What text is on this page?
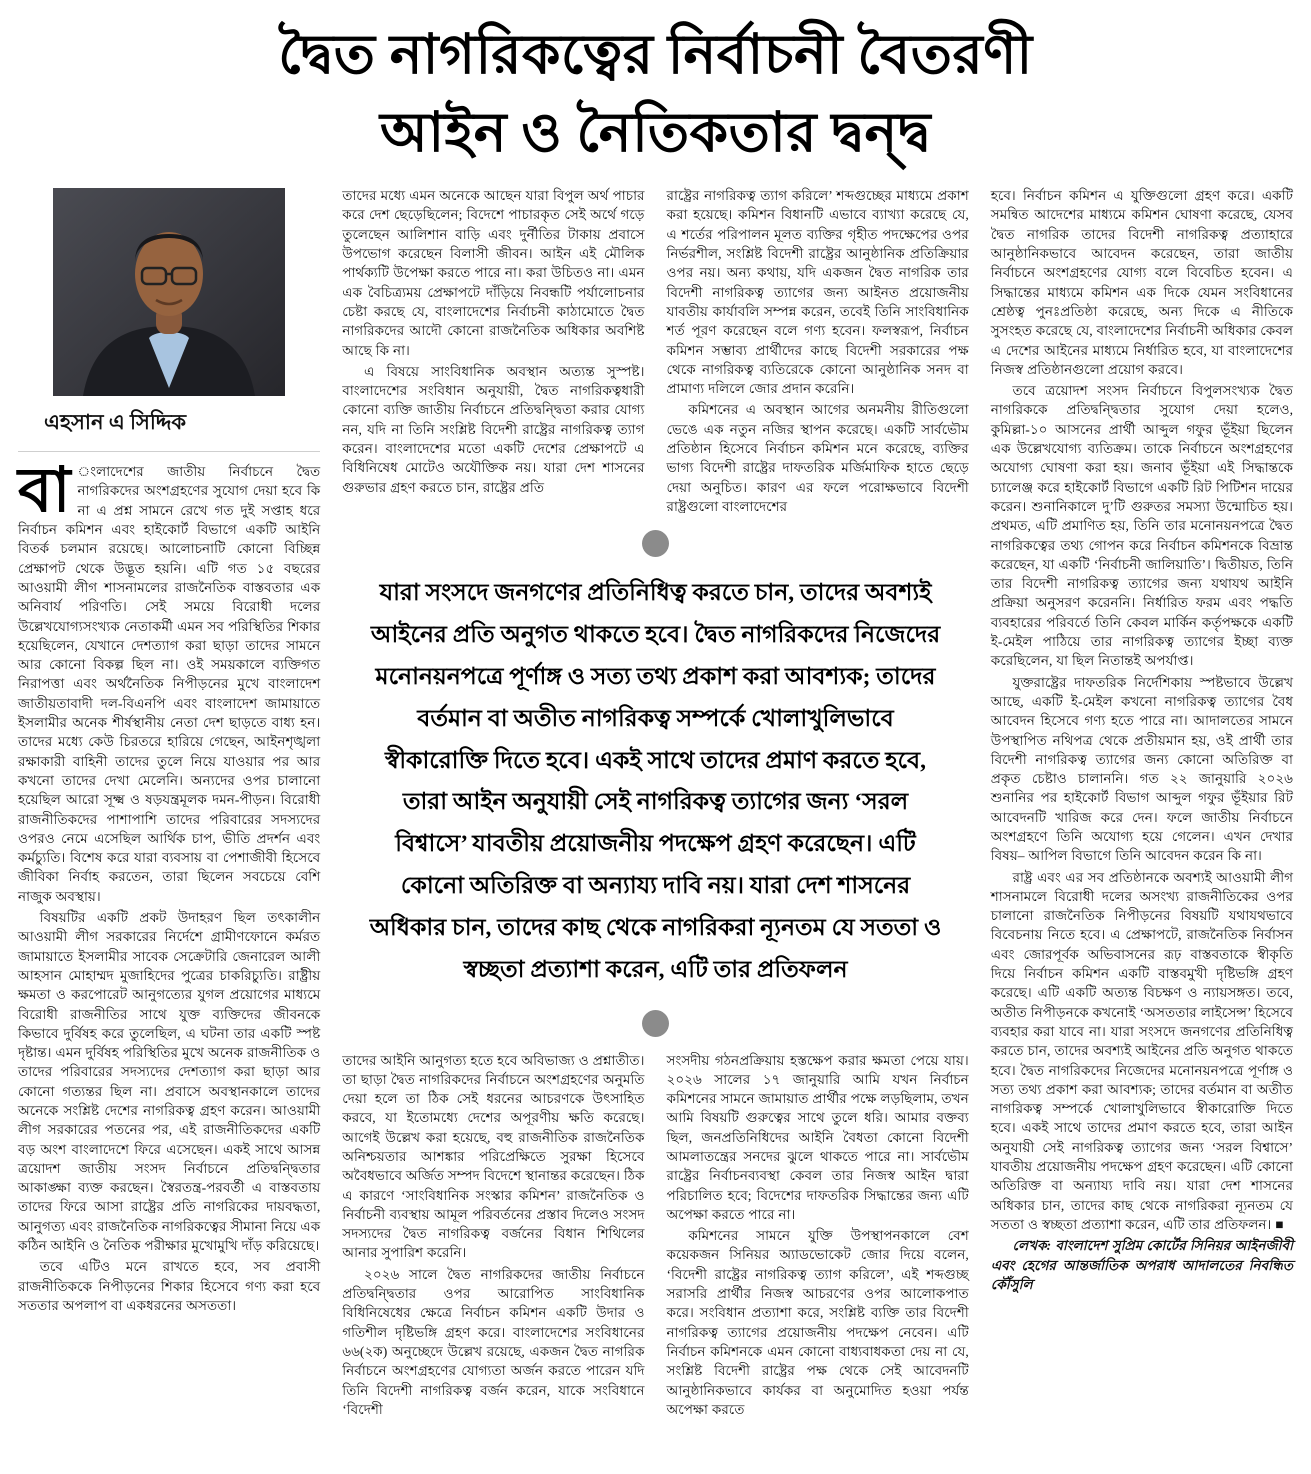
দ্বৈত নাগরিকত্বের নির্বাচনী বৈতরণী
আইন ও নৈতিকতার দ্বন্দ্ব
এহসান এ সিদ্দিক

বা ংলাদেশের জাতীয় নির্বাচনে দ্বৈত নাগরিকদের অংশগ্রহণের সুযোগ দেয়া হবে কি না এ প্রশ্ন সামনে রেখে গত দুই সপ্তাহ ধরে নির্বাচন কমিশন এবং হাইকোর্ট বিভাগে একটি আইনি বিতর্ক চলমান রয়েছে। আলোচনাটি কোনো বিচ্ছিন্ন প্রেক্ষাপট থেকে উদ্ভূত হয়নি। এটি গত ১৫ বছরের আওয়ামী লীগ শাসনামলের রাজনৈতিক বাস্তবতার এক অনিবার্য পরিণতি। সেই সময়ে বিরোধী দলের উল্লেখযোগ্যসংখ্যক নেতাকর্মী এমন সব পরিস্থিতির শিকার হয়েছিলেন, যেখানে দেশত্যাগ করা ছাড়া তাদের সামনে আর কোনো বিকল্প ছিল না। ওই সময়কালে ব্যক্তিগত নিরাপত্তা এবং অর্থনৈতিক নিপীড়নের মুখে বাংলাদেশ জাতীয়তাবাদী দল-বিএনপি এবং বাংলাদেশ জামায়াতে ইসলামীর অনেক শীর্ষস্থানীয় নেতা দেশ ছাড়তে বাধ্য হন। তাদের মধ্যে কেউ চিরতরে হারিয়ে গেছেন, আইনশৃঙ্খলা রক্ষাকারী বাহিনী তাদের তুলে নিয়ে যাওয়ার পর আর কখনো তাদের দেখা মেলেনি। অন্যদের ওপর চালানো হয়েছিল আরো সূক্ষ্ম ও ষড়যন্ত্রমূলক দমন-পীড়ন। বিরোধী রাজনীতিকদের পাশাপাশি তাদের পরিবারের সদস্যদের ওপরও নেমে এসেছিল আর্থিক চাপ, ভীতি প্রদর্শন এবং কর্মচ্যুতি। বিশেষ করে যারা ব্যবসায় বা পেশাজীবী হিসেবে জীবিকা নির্বাহ করতেন, তারা ছিলেন সবচেয়ে বেশি নাজুক অবস্থায়।

বিষয়টির একটি প্রকট উদাহরণ ছিল তৎকালীন আওয়ামী লীগ সরকারের নির্দেশে গ্রামীণফোনে কর্মরত জামায়াতে ইসলামীর সাবেক সেক্রেটারি জেনারেল আলী আহসান মোহাম্মদ মুজাহিদের পুত্রের চাকরিচ্যুতি। রাষ্ট্রীয় ক্ষমতা ও করপোরেট আনুগত্যের যুগল প্রয়োগের মাধ্যমে বিরোধী রাজনীতির সাথে যুক্ত ব্যক্তিদের জীবনকে কিভাবে দুর্বিষহ করে তুলেছিল, এ ঘটনা তার একটি স্পষ্ট দৃষ্টান্ত। এমন দুর্বিষহ পরিস্থিতির মুখে অনেক রাজনীতিক ও তাদের পরিবারের সদস্যদের দেশত্যাগ করা ছাড়া আর কোনো গত্যন্তর ছিল না। প্রবাসে অবস্থানকালে তাদের অনেকে সংশ্লিষ্ট দেশের নাগরিকত্ব গ্রহণ করেন। আওয়ামী লীগ সরকারের পতনের পর, এই রাজনীতিকদের একটি বড় অংশ বাংলাদেশে ফিরে এসেছেন। একই সাথে আসন্ন ত্রয়োদশ জাতীয় সংসদ নির্বাচনে প্রতিদ্বন্দ্বিতার আকাঙ্ক্ষা ব্যক্ত করছেন। স্বৈরতন্ত্র-পরবর্তী এ বাস্তবতায় তাদের ফিরে আসা রাষ্ট্রের প্রতি নাগরিকের দায়বদ্ধতা, আনুগত্য এবং রাজনৈতিক নাগরিকত্বের সীমানা নিয়ে এক কঠিন আইনি ও নৈতিক পরীক্ষার মুখোমুখি দাঁড় করিয়েছে।

তবে এটিও মনে রাখতে হবে, সব প্রবাসী রাজনীতিককে নিপীড়নের শিকার হিসেবে গণ্য করা হবে সততার অপলাপ বা একধরনের অসততা।

তাদের মধ্যে এমন অনেকে আছেন যারা বিপুল অর্থ পাচার করে দেশ ছেড়েছিলেন; বিদেশে পাচারকৃত সেই অর্থে গড়ে তুলেছেন আলিশান বাড়ি এবং দুর্নীতির টাকায় প্রবাসে উপভোগ করেছেন বিলাসী জীবন। আইন এই মৌলিক পার্থক্যটি উপেক্ষা করতে পারে না। করা উচিতও না। এমন এক বৈচিত্র্যময় প্রেক্ষাপটে দাঁড়িয়ে নিবন্ধটি পর্যালোচনার চেষ্টা করছে যে, বাংলাদেশের নির্বাচনী কাঠামোতে দ্বৈত নাগরিকদের আদৌ কোনো রাজনৈতিক অধিকার অবশিষ্ট আছে কি না।

এ বিষয়ে সাংবিধানিক অবস্থান অত্যন্ত সুস্পষ্ট। বাংলাদেশের সংবিধান অনুযায়ী, দ্বৈত নাগরিকত্বধারী কোনো ব্যক্তি জাতীয় নির্বাচনে প্রতিদ্বন্দ্বিতা করার যোগ্য নন, যদি না তিনি সংশ্লিষ্ট বিদেশী রাষ্ট্রের নাগরিকত্ব ত্যাগ করেন। বাংলাদেশের মতো একটি দেশের প্রেক্ষাপটে এ বিধিনিষেধ মোটেও অযৌক্তিক নয়। যারা দেশ শাসনের গুরুভার গ্রহণ করতে চান, রাষ্ট্রের প্রতি

রাষ্ট্রের নাগরিকত্ব ত্যাগ করিলে’ শব্দগুচ্ছের মাধ্যমে প্রকাশ করা হয়েছে। কমিশন বিধানটি এভাবে ব্যাখ্যা করেছে যে, এ শর্তের পরিপালন মূলত ব্যক্তির গৃহীত পদক্ষেপের ওপর নির্ভরশীল, সংশ্লিষ্ট বিদেশী রাষ্ট্রের আনুষ্ঠানিক প্রতিক্রিয়ার ওপর নয়। অন্য কথায়, যদি একজন দ্বৈত নাগরিক তার বিদেশী নাগরিকত্ব ত্যাগের জন্য আইনত প্রয়োজনীয় যাবতীয় কার্যাবলি সম্পন্ন করেন, তবেই তিনি সাংবিধানিক শর্ত পূরণ করেছেন বলে গণ্য হবেন। ফলস্বরূপ, নির্বাচন কমিশন সম্ভাব্য প্রার্থীদের কাছে বিদেশী সরকারের পক্ষ থেকে নাগরিকত্ব ব্যতিরেকে কোনো আনুষ্ঠানিক সনদ বা প্রামাণ্য দলিলে জোর প্রদান করেনি।

কমিশনের এ অবস্থান আগের অনমনীয় রীতিগুলো ভেঙে এক নতুন নজির স্থাপন করেছে। একটি সার্বভৌম প্রতিষ্ঠান হিসেবে নির্বাচন কমিশন মনে করেছে, ব্যক্তির ভাগ্য বিদেশী রাষ্ট্রের দাফতরিক মর্জিমাফিক হাতে ছেড়ে দেয়া অনুচিত। কারণ এর ফলে পরোক্ষভাবে বিদেশী রাষ্ট্রগুলো বাংলাদেশের

যারা সংসদে জনগণের প্রতিনিধিত্ব করতে চান, তাদের অবশ্যই আইনের প্রতি অনুগত থাকতে হবে। দ্বৈত নাগরিকদের নিজেদের মনোনয়নপত্রে পূর্ণাঙ্গ ও সত্য তথ্য প্রকাশ করা আবশ্যক; তাদের বর্তমান বা অতীত নাগরিকত্ব সম্পর্কে খোলাখুলিভাবে স্বীকারোক্তি দিতে হবে। একই সাথে তাদের প্রমাণ করতে হবে, তারা আইন অনুযায়ী সেই নাগরিকত্ব ত্যাগের জন্য ‘সরল বিশ্বাসে’ যাবতীয় প্রয়োজনীয় পদক্ষেপ গ্রহণ করেছেন। এটি কোনো অতিরিক্ত বা অন্যায্য দাবি নয়। যারা দেশ শাসনের অধিকার চান, তাদের কাছ থেকে নাগরিকরা ন্যূনতম যে সততা ও স্বচ্ছতা প্রত্যাশা করেন, এটি তার প্রতিফলন

তাদের আইনি আনুগত্য হতে হবে অবিভাজ্য ও প্রশ্নাতীত। তা ছাড়া দ্বৈত নাগরিকদের নির্বাচনে অংশগ্রহণের অনুমতি দেয়া হলে তা ঠিক সেই ধরনের আচরণকে উৎসাহিত করবে, যা ইতোমধ্যে দেশের অপূরণীয় ক্ষতি করেছে। আগেই উল্লেখ করা হয়েছে, বহু রাজনীতিক রাজনৈতিক অনিশ্চয়তার আশঙ্কার পরিপ্রেক্ষিতে সুরক্ষা হিসেবে অবৈধভাবে অর্জিত সম্পদ বিদেশে স্থানান্তর করেছেন। ঠিক এ কারণে ‘সাংবিধানিক সংস্কার কমিশন’ রাজনৈতিক ও নির্বাচনী ব্যবস্থায় আমূল পরিবর্তনের প্রস্তাব দিলেও সংসদ সদস্যদের দ্বৈত নাগরিকত্ব বর্জনের বিধান শিথিলের আনার সুপারিশ করেনি।

২০২৬ সালে দ্বৈত নাগরিকদের জাতীয় নির্বাচনে প্রতিদ্বন্দ্বিতার ওপর আরোপিত সাংবিধানিক বিধিনিষেধের ক্ষেত্রে নির্বাচন কমিশন একটি উদার ও গতিশীল দৃষ্টিভঙ্গি গ্রহণ করে। বাংলাদেশের সংবিধানের ৬৬(২ক) অনুচ্ছেদে উল্লেখ রয়েছে, একজন দ্বৈত নাগরিক নির্বাচনে অংশগ্রহণের যোগ্যতা অর্জন করতে পারেন যদি তিনি বিদেশী নাগরিকত্ব বর্জন করেন, যাকে সংবিধানে ‘বিদেশী

সংসদীয় গঠনপ্রক্রিয়ায় হস্তক্ষেপ করার ক্ষমতা পেয়ে যায়। ২০২৬ সালের ১৭ জানুয়ারি আমি যখন নির্বাচন কমিশনের সামনে জামায়াত প্রার্থীর পক্ষে লড়ছিলাম, তখন আমি বিষয়টি গুরুত্বের সাথে তুলে ধরি। আমার বক্তব্য ছিল, জনপ্রতিনিধিদের আইনি বৈধতা কোনো বিদেশী আমলাতন্ত্রের সনদের ঝুলে থাকতে পারে না। সার্বভৌম রাষ্ট্রের নির্বাচনব্যবস্থা কেবল তার নিজস্ব আইন দ্বারা পরিচালিত হবে; বিদেশের দাফতরিক সিদ্ধান্তের জন্য এটি অপেক্ষা করতে পারে না।

কমিশনের সামনে যুক্তি উপস্থাপনকালে বেশ কয়েকজন সিনিয়র অ্যাডভোকেট জোর দিয়ে বলেন, ‘বিদেশী রাষ্ট্রের নাগরিকত্ব ত্যাগ করিলে’, এই শব্দগুচ্ছ সরাসরি প্রার্থীর নিজস্ব আচরণের ওপর আলোকপাত করে। সংবিধান প্রত্যাশা করে, সংশ্লিষ্ট ব্যক্তি তার বিদেশী নাগরিকত্ব ত্যাগের প্রয়োজনীয় পদক্ষেপ নেবেন। এটি নির্বাচন কমিশনকে এমন কোনো বাধ্যবাধকতা দেয় না যে, সংশ্লিষ্ট বিদেশী রাষ্ট্রের পক্ষ থেকে সেই আবেদনটি আনুষ্ঠানিকভাবে কার্যকর বা অনুমোদিত হওয়া পর্যন্ত অপেক্ষা করতে

হবে। নির্বাচন কমিশন এ যুক্তিগুলো গ্রহণ করে। একটি সমন্বিত আদেশের মাধ্যমে কমিশন ঘোষণা করেছে, যেসব দ্বৈত নাগরিক তাদের বিদেশী নাগরিকত্ব প্রত্যাহারে আনুষ্ঠানিকভাবে আবেদন করেছেন, তারা জাতীয় নির্বাচনে অংশগ্রহণের যোগ্য বলে বিবেচিত হবেন। এ সিদ্ধান্তের মাধ্যমে কমিশন এক দিকে যেমন সংবিধানের শ্রেষ্ঠত্ব পুনঃপ্রতিষ্ঠা করেছে, অন্য দিকে এ নীতিকে সুসংহত করেছে যে, বাংলাদেশের নির্বাচনী অধিকার কেবল এ দেশের আইনের মাধ্যমে নির্ধারিত হবে, যা বাংলাদেশের নিজস্ব প্রতিষ্ঠানগুলো প্রয়োগ করবে।

তবে ত্রয়োদশ সংসদ নির্বাচনে বিপুলসংখ্যক দ্বৈত নাগরিককে প্রতিদ্বন্দ্বিতার সুযোগ দেয়া হলেও, কুমিল্লা-১০ আসনের প্রার্থী আব্দুল গফুর ভূঁইয়া ছিলেন এক উল্লেখযোগ্য ব্যতিক্রম। তাকে নির্বাচনে অংশগ্রহণের অযোগ্য ঘোষণা করা হয়। জনাব ভূঁইয়া এই সিদ্ধান্তকে চ্যালেঞ্জ করে হাইকোর্ট বিভাগে একটি রিট পিটিশন দায়ের করেন। শুনানিকালে দু’টি গুরুতর সমস্যা উন্মোচিত হয়। প্রথমত, এটি প্রমাণিত হয়, তিনি তার মনোনয়নপত্রে দ্বৈত নাগরিকত্বের তথ্য গোপন করে নির্বাচন কমিশনকে বিভ্রান্ত করেছেন, যা একটি ‘নির্বাচনী জালিয়াতি’। দ্বিতীয়ত, তিনি তার বিদেশী নাগরিকত্ব ত্যাগের জন্য যথাযথ আইনি প্রক্রিয়া অনুসরণ করেননি। নির্ধারিত ফরম এবং পদ্ধতি ব্যবহারের পরিবর্তে তিনি কেবল মার্কিন কর্তৃপক্ষকে একটি ই-মেইল পাঠিয়ে তার নাগরিকত্ব ত্যাগের ইচ্ছা ব্যক্ত করেছিলেন, যা ছিল নিতান্তই অপর্যাপ্ত।

যুক্তরাষ্ট্রের দাফতরিক নির্দেশিকায় স্পষ্টভাবে উল্লেখ আছে, একটি ই-মেইল কখনো নাগরিকত্ব ত্যাগের বৈধ আবেদন হিসেবে গণ্য হতে পারে না। আদালতের সামনে উপস্থাপিত নথিপত্র থেকে প্রতীয়মান হয়, ওই প্রার্থী তার বিদেশী নাগরিকত্ব ত্যাগের জন্য কোনো অতিরিক্ত বা প্রকৃত চেষ্টাও চালাননি। গত ২২ জানুয়ারি ২০২৬ শুনানির পর হাইকোর্ট বিভাগ আব্দুল গফুর ভূঁইয়ার রিট আবেদনটি খারিজ করে দেন। ফলে জাতীয় নির্বাচনে অংশগ্রহণে তিনি অযোগ্য হয়ে গেলেন। এখন দেখার বিষয়– আপিল বিভাগে তিনি আবেদন করেন কি না।

রাষ্ট্র এবং এর সব প্রতিষ্ঠানকে অবশ্যই আওয়ামী লীগ শাসনামলে বিরোধী দলের অসংখ্য রাজনীতিকের ওপর চালানো রাজনৈতিক নিপীড়নের বিষয়টি যথাযথভাবে বিবেচনায় নিতে হবে। এ প্রেক্ষাপটে, রাজনৈতিক নির্বাসন এবং জোরপূর্বক অভিবাসনের রূঢ় বাস্তবতাকে স্বীকৃতি দিয়ে নির্বাচন কমিশন একটি বাস্তবমুখী দৃষ্টিভঙ্গি গ্রহণ করেছে। এটি একটি অত্যন্ত বিচক্ষণ ও ন্যায়সঙ্গত। তবে, অতীত নিপীড়নকে কখনোই ‘অসততার লাইসেন্স’ হিসেবে ব্যবহার করা যাবে না। যারা সংসদে জনগণের প্রতিনিধিত্ব করতে চান, তাদের অবশ্যই আইনের প্রতি অনুগত থাকতে হবে। দ্বৈত নাগরিকদের নিজেদের মনোনয়নপত্রে পূর্ণাঙ্গ ও সত্য তথ্য প্রকাশ করা আবশ্যক; তাদের বর্তমান বা অতীত নাগরিকত্ব সম্পর্কে খোলাখুলিভাবে স্বীকারোক্তি দিতে হবে। একই সাথে তাদের প্রমাণ করতে হবে, তারা আইন অনুযায়ী সেই নাগরিকত্ব ত্যাগের জন্য ‘সরল বিশ্বাসে’ যাবতীয় প্রয়োজনীয় পদক্ষেপ গ্রহণ করেছেন। এটি কোনো অতিরিক্ত বা অন্যায্য দাবি নয়। যারা দেশ শাসনের অধিকার চান, তাদের কাছ থেকে নাগরিকরা ন্যূনতম যে সততা ও স্বচ্ছতা প্রত্যাশা করেন, এটি তার প্রতিফলন। ■

লেখক: বাংলাদেশ সুপ্রিম কোর্টের সিনিয়র আইনজীবী এবং হেগের আন্তর্জাতিক অপরাধ আদালতের নিবন্ধিত কৌঁসুলি
